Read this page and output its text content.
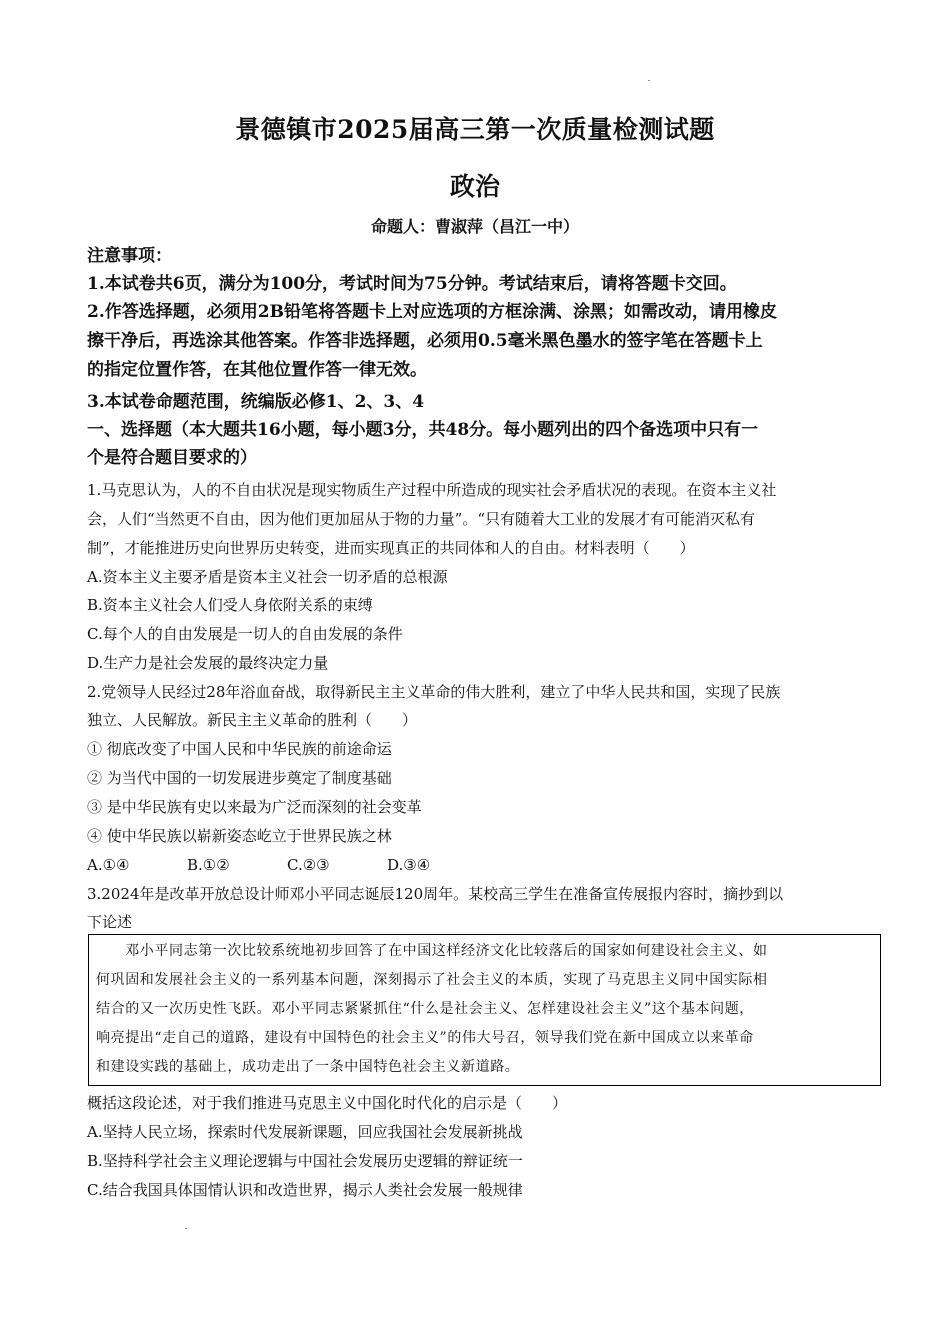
景德镇市2025届高三第一次质量检测试题
政治
命题人：曹淑萍（昌江一中）
注意事项：
1.本试卷共6页，满分为100分，考试时间为75分钟。考试结束后，请将答题卡交回。
2.作答选择题，必须用2B铅笔将答题卡上对应选项的方框涂满、涂黑；如需改动，请用橡皮
擦干净后，再选涂其他答案。作答非选择题，必须用0.5毫米黑色墨水的签字笔在答题卡上
的指定位置作答，在其他位置作答一律无效。
3.本试卷命题范围，统编版必修1、2、3、4
一、选择题（本大题共16小题，每小题3分，共48分。每小题列出的四个备选项中只有一
个是符合题目要求的）
1.马克思认为，人的不自由状况是现实物质生产过程中所造成的现实社会矛盾状况的表现。在资本主义社
会，人们“当然更不自由，因为他们更加屈从于物的力量”。“只有随着大工业的发展才有可能消灭私有
制”，才能推进历史向世界历史转变，进而实现真正的共同体和人的自由。材料表明（　　）
A.资本主义主要矛盾是资本主义社会一切矛盾的总根源
B.资本主义社会人们受人身依附关系的束缚
C.每个人的自由发展是一切人的自由发展的条件
D.生产力是社会发展的最终决定力量
2.党领导人民经过28年浴血奋战，取得新民主主义革命的伟大胜利，建立了中华人民共和国，实现了民族
独立、人民解放。新民主主义革命的胜利（　　）
① 彻底改变了中国人民和中华民族的前途命运
② 为当代中国的一切发展进步奠定了制度基础
③ 是中华民族有史以来最为广泛而深刻的社会变革
④ 使中华民族以崭新姿态屹立于世界民族之林
A.①④	B.①②	C.②③	D.③④
3.2024年是改革开放总设计师邓小平同志诞辰120周年。某校高三学生在准备宣传展报内容时，摘抄到以
下论述
　　邓小平同志第一次比较系统地初步回答了在中国这样经济文化比较落后的国家如何建设社会主义、如
何巩固和发展社会主义的一系列基本问题，深刻揭示了社会主义的本质，实现了马克思主义同中国实际相
结合的又一次历史性飞跃。邓小平同志紧紧抓住“什么是社会主义、怎样建设社会主义”这个基本问题，
响亮提出“走自己的道路，建设有中国特色的社会主义”的伟大号召，领导我们党在新中国成立以来革命
和建设实践的基础上，成功走出了一条中国特色社会主义新道路。
概括这段论述，对于我们推进马克思主义中国化时代化的启示是（　　）
A.坚持人民立场，探索时代发展新课题，回应我国社会发展新挑战
B.坚持科学社会主义理论逻辑与中国社会发展历史逻辑的辩证统一
C.结合我国具体国情认识和改造世界，揭示人类社会发展一般规律
